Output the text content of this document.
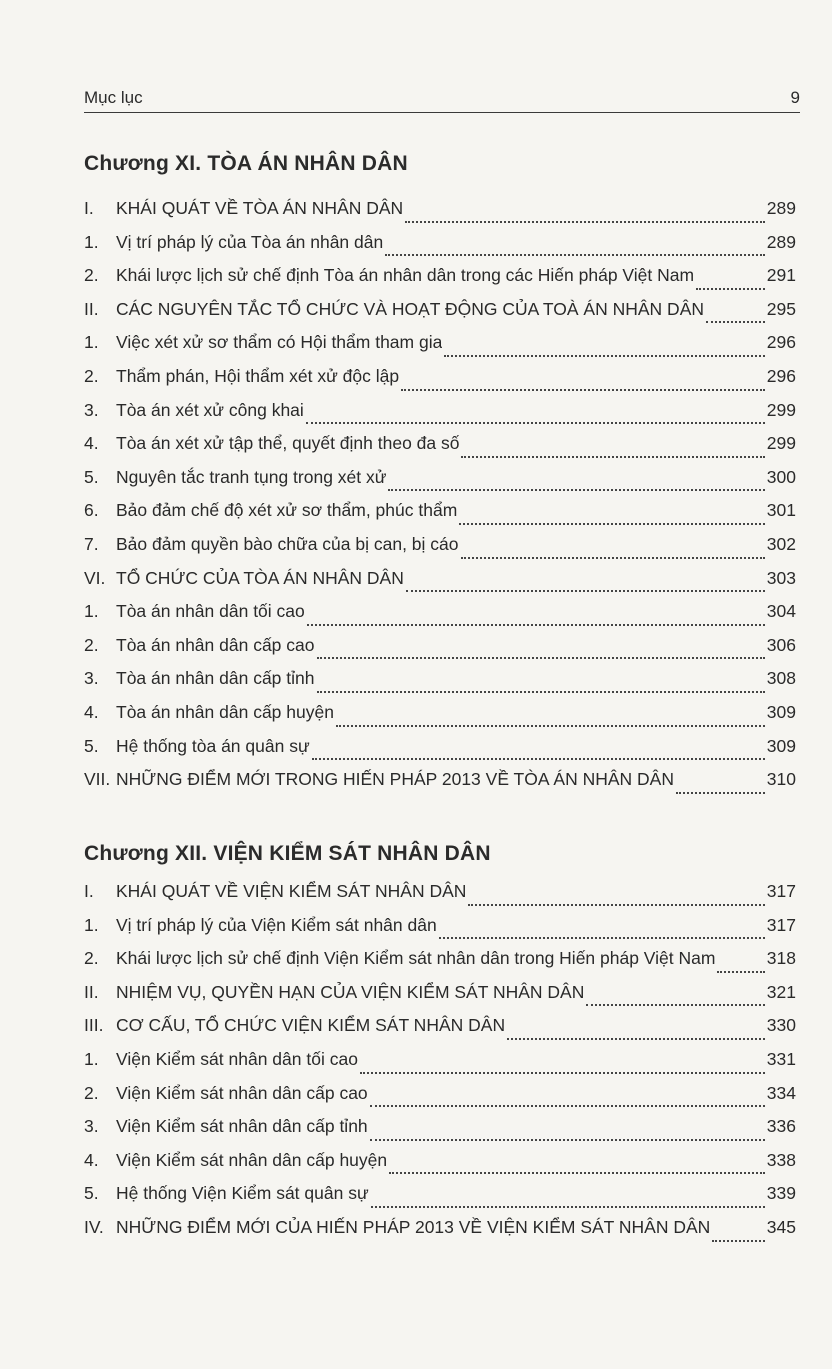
Mục lục	9
Chương XI. TÒA ÁN NHÂN DÂN
I.	KHÁI QUÁT VỀ TÒA ÁN NHÂN DÂN	289
1. Vị trí pháp lý của Tòa án nhân dân	289
2. Khái lược lịch sử chế định Tòa án nhân dân trong các Hiến pháp Việt Nam	291
II. CÁC NGUYÊN TẮC TỔ CHỨC VÀ HOẠT ĐỘNG CỦA TOÀ ÁN NHÂN DÂN	295
1. Việc xét xử sơ thẩm có Hội thẩm tham gia	296
2. Thẩm phán, Hội thẩm xét xử độc lập	296
3. Tòa án xét xử công khai	299
4. Tòa án xét xử tập thể, quyết định theo đa số	299
5. Nguyên tắc tranh tụng trong xét xử	300
6. Bảo đảm chế độ xét xử sơ thẩm, phúc thẩm	301
7. Bảo đảm quyền bào chữa của bị can, bị cáo	302
VI. TỔ CHỨC CỦA TÒA ÁN NHÂN DÂN	303
1. Tòa án nhân dân tối cao	304
2. Tòa án nhân dân cấp cao	306
3. Tòa án nhân dân cấp tỉnh	308
4. Tòa án nhân dân cấp huyện	309
5. Hệ thống tòa án quân sự	309
VII. NHỮNG ĐIỂM MỚI TRONG HIẾN PHÁP 2013 VỀ TÒA ÁN NHÂN DÂN	310
Chương XII. VIỆN KIỂM SÁT NHÂN DÂN
I.	KHÁI QUÁT VỀ VIỆN KIỂM SÁT NHÂN DÂN	317
1. Vị trí pháp lý của Viện Kiểm sát nhân dân	317
2. Khái lược lịch sử chế định Viện Kiểm sát nhân dân trong Hiến pháp Việt Nam	318
II. NHIỆM VỤ, QUYỀN HẠN CỦA VIỆN KIỂM SÁT NHÂN DÂN	321
III. CƠ CẤU, TỔ CHỨC VIỆN KIỂM SÁT NHÂN DÂN	330
1. Viện Kiểm sát nhân dân tối cao	331
2. Viện Kiểm sát nhân dân cấp cao	334
3. Viện Kiểm sát nhân dân cấp tỉnh	336
4. Viện Kiểm sát nhân dân cấp huyện	338
5. Hệ thống Viện Kiểm sát quân sự	339
IV. NHỮNG ĐIỂM MỚI CỦA HIẾN PHÁP 2013 VỀ VIỆN KIỂM SÁT NHÂN DÂN	345
